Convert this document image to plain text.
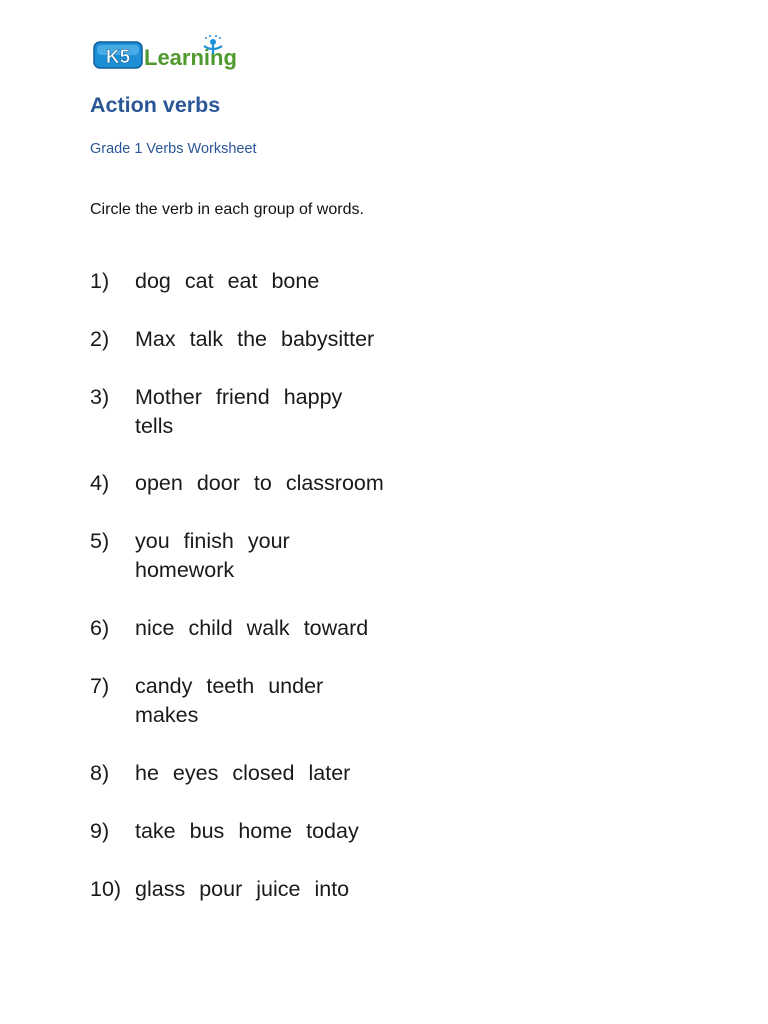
K5 Learning
Action verbs

Grade 1 Verbs Worksheet

Circle the verb in each group of words.

1)	dog cat eat bone
2)	Max talk the babysitter
3)	Mother friend happytells
4)	open door to classroom
5)	you finish yourhomework
6)	nice child walk toward
7)	candy teeth undermakes
8)	he eyes closed later
9)	take bus home today
10) glass pour juice into
